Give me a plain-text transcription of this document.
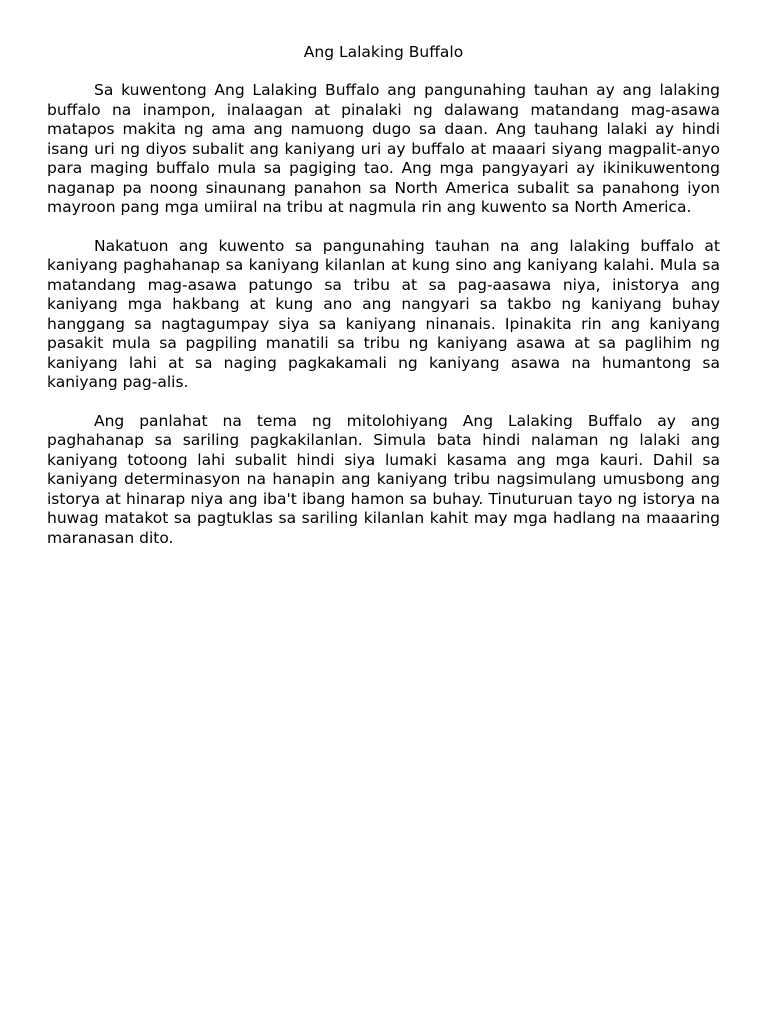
Ang Lalaking Buffalo

Sa kuwentong Ang Lalaking Buffalo ang pangunahing tauhan ay ang lalaking buffalo na inampon, inalaagan at pinalaki ng dalawang matandang mag-asawa matapos makita ng ama ang namuong dugo sa daan. Ang tauhang lalaki ay hindi isang uri ng diyos subalit ang kaniyang uri ay buffalo at maaari siyang magpalit-anyo para maging buffalo mula sa pagiging tao. Ang mga pangyayari ay ikinikuwentong naganap pa noong sinaunang panahon sa North America subalit sa panahong iyon mayroon pang mga umiiral na tribu at nagmula rin ang kuwento sa North America.

Nakatuon ang kuwento sa pangunahing tauhan na ang lalaking buffalo at kaniyang paghahanap sa kaniyang kilanlan at kung sino ang kaniyang kalahi. Mula sa matandang mag-asawa patungo sa tribu at sa pag-aasawa niya, inistorya ang kaniyang mga hakbang at kung ano ang nangyari sa takbo ng kaniyang buhay hanggang sa nagtagumpay siya sa kaniyang ninanais. Ipinakita rin ang kaniyang pasakit mula sa pagpiling manatili sa tribu ng kaniyang asawa at sa paglihim ng kaniyang lahi at sa naging pagkakamali ng kaniyang asawa na humantong sa kaniyang pag-alis.

Ang panlahat na tema ng mitolohiyang Ang Lalaking Buffalo ay ang paghahanap sa sariling pagkakilanlan. Simula bata hindi nalaman ng lalaki ang kaniyang totoong lahi subalit hindi siya lumaki kasama ang mga kauri. Dahil sa kaniyang determinasyon na hanapin ang kaniyang tribu nagsimulang umusbong ang istorya at hinarap niya ang iba't ibang hamon sa buhay. Tinuturuan tayo ng istorya na huwag matakot sa pagtuklas sa sariling kilanlan kahit may mga hadlang na maaaring maranasan dito.
